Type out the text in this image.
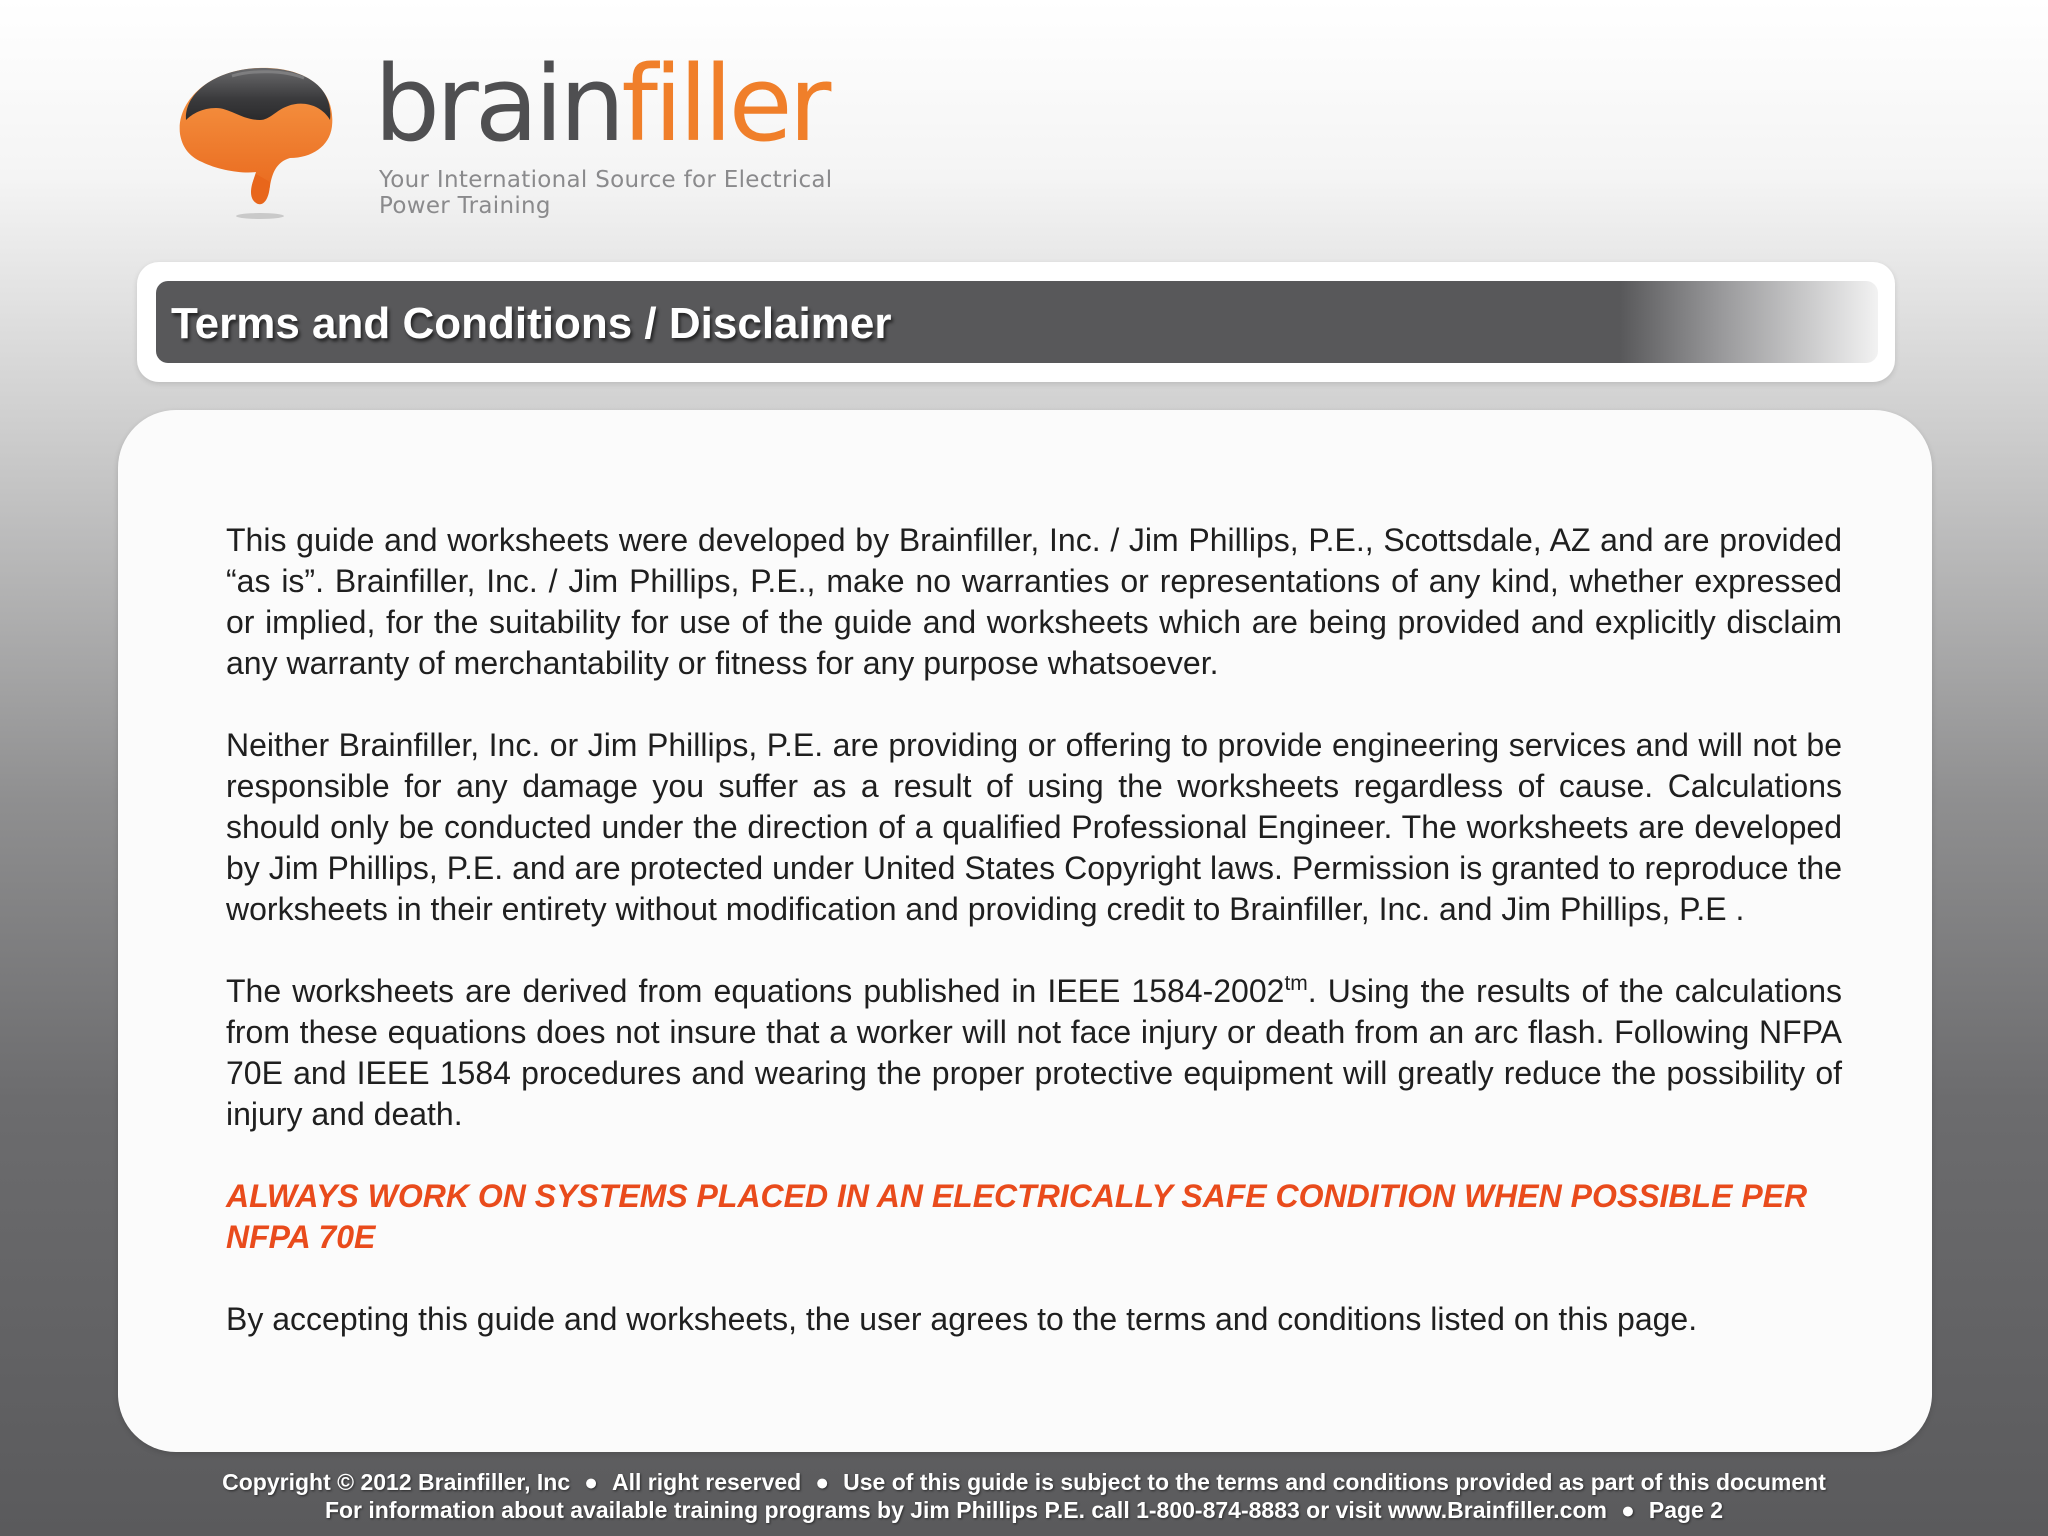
brainfiller
Your International Source for Electrical Power Training
Terms and Conditions / Disclaimer

This guide and worksheets were developed by Brainfiller, Inc. / Jim Phillips, P.E., Scottsdale, AZ and are provided “as is”. Brainfiller, Inc. / Jim Phillips, P.E., make no warranties or representations of any kind, whether expressed or implied, for the suitability for use of the guide and worksheets which are being provided and explicitly disclaim any warranty of merchantability or fitness for any purpose whatsoever.

Neither Brainfiller, Inc. or Jim Phillips, P.E. are providing or offering to provide engineering services and will not be responsible for any damage you suffer as a result of using the worksheets regardless of cause. Calculations should only be conducted under the direction of a qualified Professional Engineer. The worksheets are developed by Jim Phillips, P.E. and are protected under United States Copyright laws. Permission is granted to reproduce the worksheets in their entirety without modification and providing credit to Brainfiller, Inc. and Jim Phillips, P.E .

The worksheets are derived from equations published in IEEE $1584-2002^{tm}$. Using the results of the calculations from these equations does not insure that a worker will not face injury or death from an arc flash. Following NFPA 70E and IEEE 1584 procedures and wearing the proper protective equipment will greatly reduce the possibility of injury and death.

ALWAYS WORK ON SYSTEMS PLACED IN AN ELECTRICALLY SAFE CONDITION WHEN POSSIBLE PER NFPA 70E

By accepting this guide and worksheets, the user agrees to the terms and conditions listed on this page.

Copyright © 2012 Brainfiller, Inc ● All right reserved ● Use of this guide is subject to the terms and conditions provided as part of this document
For information about available training programs by Jim Phillips P.E. call 1-800-874-8883 or visit www.Brainfiller.com ● Page 2
